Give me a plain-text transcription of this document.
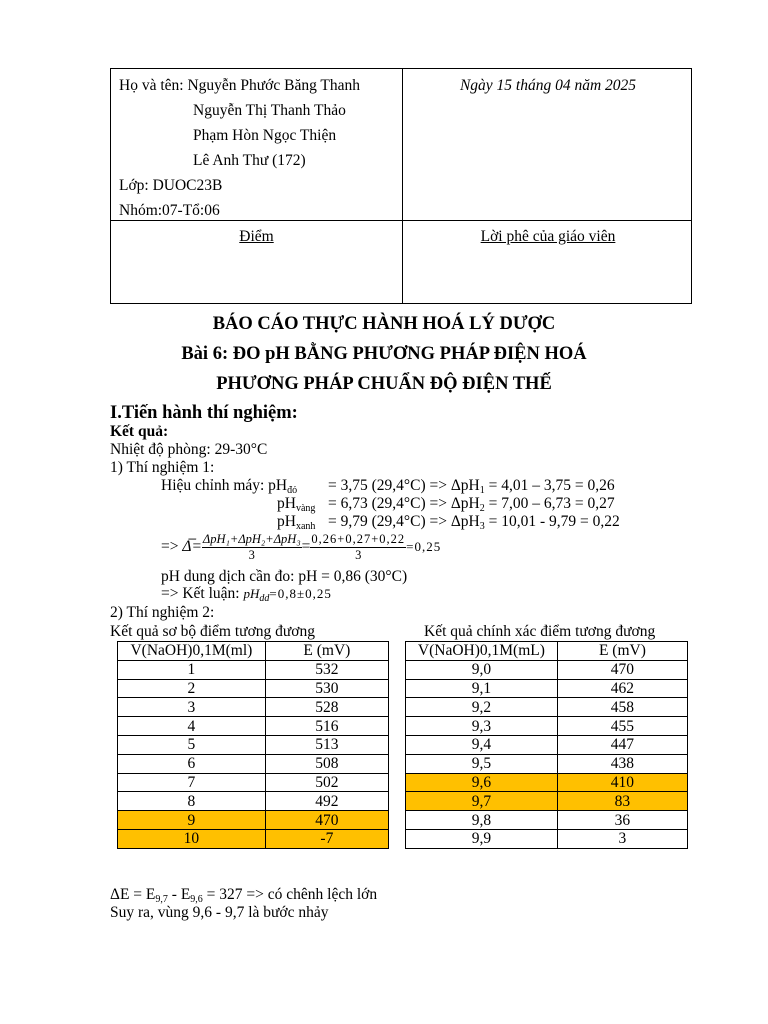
Họ và tên: Nguyễn Phước Băng Thanh
Nguyễn Thị Thanh Thảo
Phạm Hòn Ngọc Thiện
Lê Anh Thư (172)
Lớp: DUOC23B
Nhóm:07-Tổ:06
Ngày 15 tháng 04 năm 2025
Điểm	Lời phê của giáo viên
BÁO CÁO THỰC HÀNH HOÁ LÝ DƯỢC
Bài 6: ĐO pH BẰNG PHƯƠNG PHÁP ĐIỆN HOÁ
PHƯƠNG PHÁP CHUẨN ĐỘ ĐIỆN THẾ
I.Tiến hành thí nghiệm:
Kết quả:
Nhiệt độ phòng: 29-30°C
1) Thí nghiệm 1:
Hiệu chỉnh máy: $pH_{đỏ} = 3,75$ (29,4°C) => ΔpH$_1$ = 4,01 – 3,75 = 0,26
$pH_{vàng} = 6,73$ (29,4°C) => ΔpH$_2$ = 7,00 – 6,73 = 0,27
$pH_{xanh} = 9,79$ (29,4°C) => ΔpH$_3$ = 10,01 - 9,79 = 0,22
=> Δ̅= $\frac{\text{ΔpH₁+ΔpH₂+ΔpH₃}}{3} = \frac{0,26+0,27+0,22}{3} =0,25$
pH dung dịch cần đo: pH = 0,86 (30°C)
=> Kết luận: $pH_{dd}=0,8\pm 0,25$
2) Thí nghiệm 2:
Kết quả sơ bộ điểm tương đương	Kết quả chính xác điểm tương đương
V(NaOH)0,1M(ml)	E (mV)
1	532
2	530
3	528
4	516
5	513
6	508
7	502
8	492
9	470
10	-7
V(NaOH)0,1M(mL)	E (mV)
9,0	470
9,1	462
9,2	458
9,3	455
9,4	447
9,5	438
9,6	410
9,7	83
9,8	36
9,9	3
$\Delta E = E_{9,7} - E_{9,6} = 327$ => có chênh lệch lớn
Suy ra, vùng 9,6 - 9,7 là bước nhảy
